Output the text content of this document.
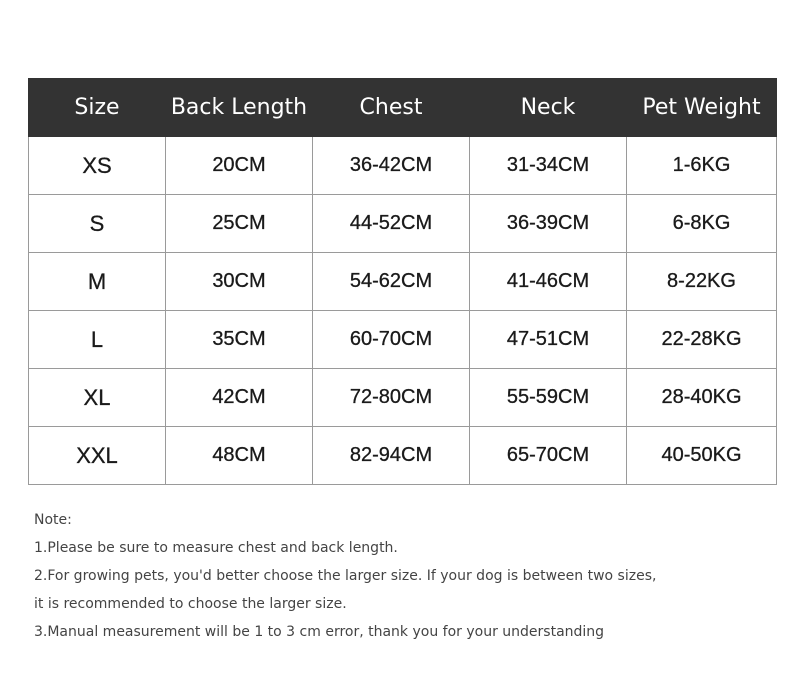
Size	Back Length	Chest	Neck	Pet Weight
XS	20CM	36-42CM	31-34CM	1-6KG
S	25CM	44-52CM	36-39CM	6-8KG
M	30CM	54-62CM	41-46CM	8-22KG
L	35CM	60-70CM	47-51CM	22-28KG
XL	42CM	72-80CM	55-59CM	28-40KG
XXL	48CM	82-94CM	65-70CM	40-50KG

Note:

1.Please be sure to measure chest and back length.

2.For growing pets, you'd better choose the larger size. If your dog is between two sizes,

it is recommended to choose the larger size.

3.Manual measurement will be 1 to 3 cm error, thank you for your understanding
